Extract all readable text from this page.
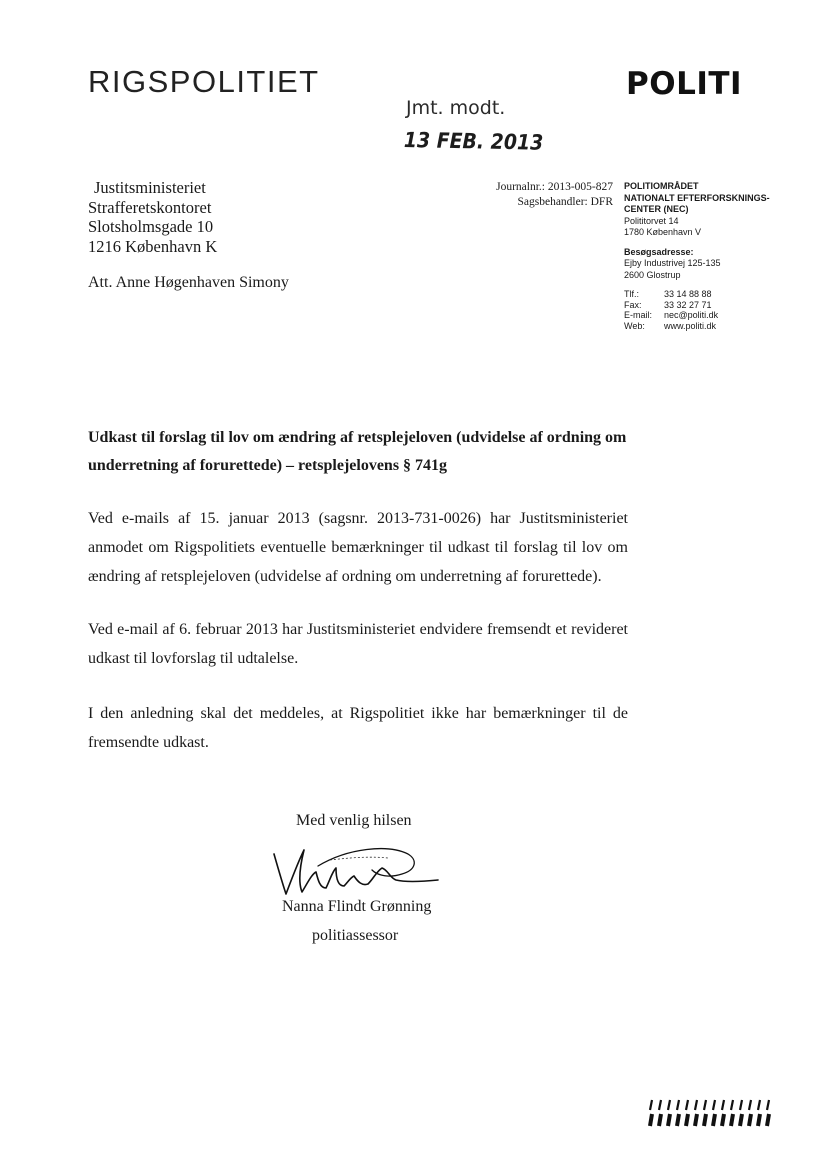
RIGSPOLITIET	POLITI
Jmt. modt.
13 FEB. 2013
Justitsministeriet
Strafferetskontoret
Slotsholmsgade 10
1216 København K
Att. Anne Høgenhaven Simony
Journalnr.: 2013-005-827
Sagsbehandler: DFR
POLITIOMRÅDET
NATIONALT EFTERFORSKNINGS-
CENTER (NEC)
Polititorvet 14
1780 København V
Besøgsadresse:
Ejby Industrivej 125-135
2600 Glostrup
Tlf.:	33 14 88 88
Fax:	33 32 27 71
E-mail:	nec@politi.dk
Web:	www.politi.dk
Udkast til forslag til lov om ændring af retsplejeloven (udvidelse af ordning om underretning af forurettede) – retsplejelovens § 741g
Ved e-mails af 15. januar 2013 (sagsnr. 2013-731-0026) har Justitsministeriet anmodet om Rigspolitiets eventuelle bemærkninger til udkast til forslag til lov om ændring af retsplejeloven (udvidelse af ordning om underretning af forurettede).
Ved e-mail af 6. februar 2013 har Justitsministeriet endvidere fremsendt et revideret udkast til lovforslag til udtalelse.
I den anledning skal det meddeles, at Rigspolitiet ikke har bemærkninger til de fremsendte udkast.
Med venlig hilsen
Nanna Flindt Grønning
politiassessor
